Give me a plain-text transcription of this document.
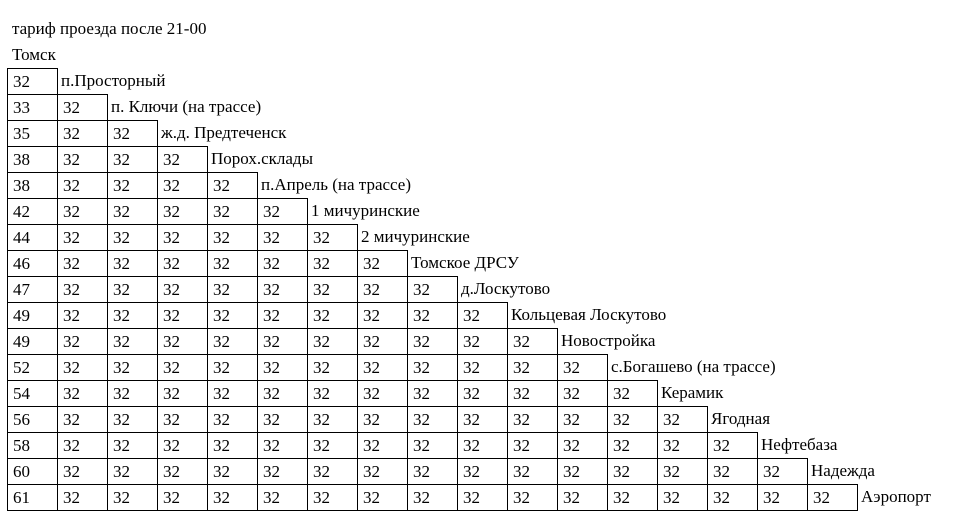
тариф проезда после 21-00
Томск
32	п.Просторный
33	32	п. Ключи (на трассе)
35	32	32	ж.д. Предтеченск
38	32	32	32	Порох.склады
38	32	32	32	32	п.Апрель (на трассе)
42	32	32	32	32	32	1 мичуринские
44	32	32	32	32	32	32	2 мичуринские
46	32	32	32	32	32	32	32	Томское ДРСУ
47	32	32	32	32	32	32	32	32	д.Лоскутово
49	32	32	32	32	32	32	32	32	32	Кольцевая Лоскутово
49	32	32	32	32	32	32	32	32	32	32	Новостройка
52	32	32	32	32	32	32	32	32	32	32	32	с.Богашево (на трассе)
54	32	32	32	32	32	32	32	32	32	32	32	32	Керамик
56	32	32	32	32	32	32	32	32	32	32	32	32	32	Ягодная
58	32	32	32	32	32	32	32	32	32	32	32	32	32	32	Нефтебаза
60	32	32	32	32	32	32	32	32	32	32	32	32	32	32	32	Надежда
61	32	32	32	32	32	32	32	32	32	32	32	32	32	32	32	32	Аэропорт
